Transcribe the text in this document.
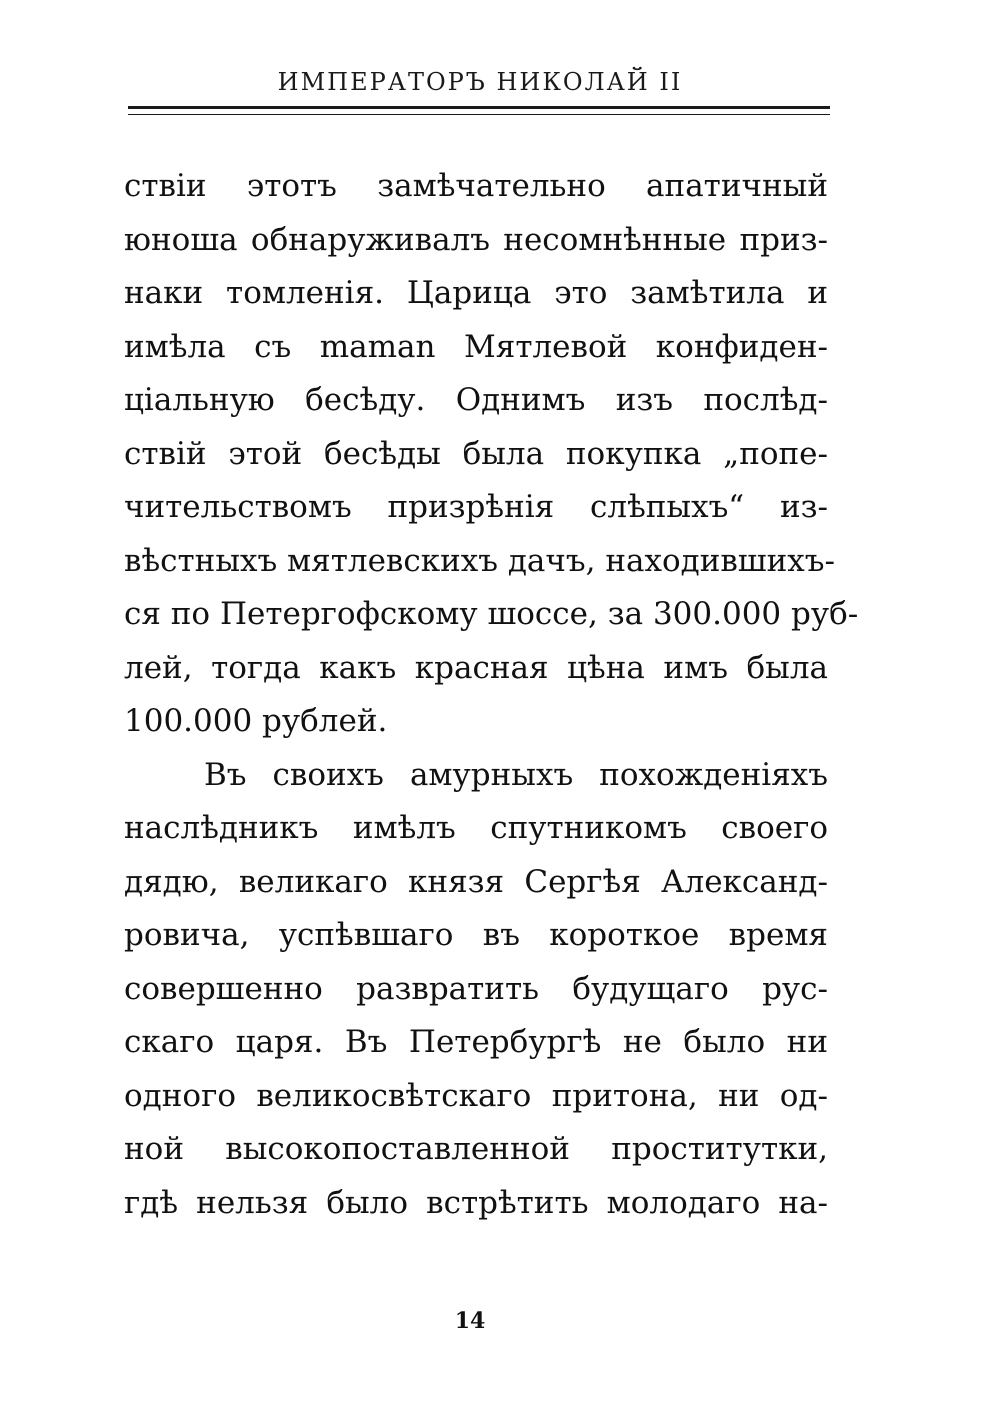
ИМПЕРАТОРЪ НИКОЛАЙ II
ствіи этотъ замѣчательно апатичный
юноша обнаруживалъ несомнѣнные приз-
наки томленія. Царица это замѣтила и
имѣла съ maman Мятлевой конфиден-
ціальную бесѣду. Однимъ изъ послѣд-
ствій этой бесѣды была покупка „попе-
чительствомъ призрѣнія слѣпыхъ“ из-
вѣстныхъ мятлевскихъ дачъ, находившихъ-
ся по Петергофскому шоссе, за 300.000 руб-
лей, тогда какъ красная цѣна имъ была
100.000 рублей.
Въ своихъ амурныхъ похожденіяхъ
наслѣдникъ имѣлъ спутникомъ своего
дядю, великаго князя Сергѣя Александ-
ровича, успѣвшаго въ короткое время
совершенно развратить будущаго рус-
скаго царя. Въ Петербургѣ не было ни
одного великосвѣтскаго притона, ни од-
ной высокопоставленной проститутки,
гдѣ нельзя было встрѣтить молодаго на-
14
